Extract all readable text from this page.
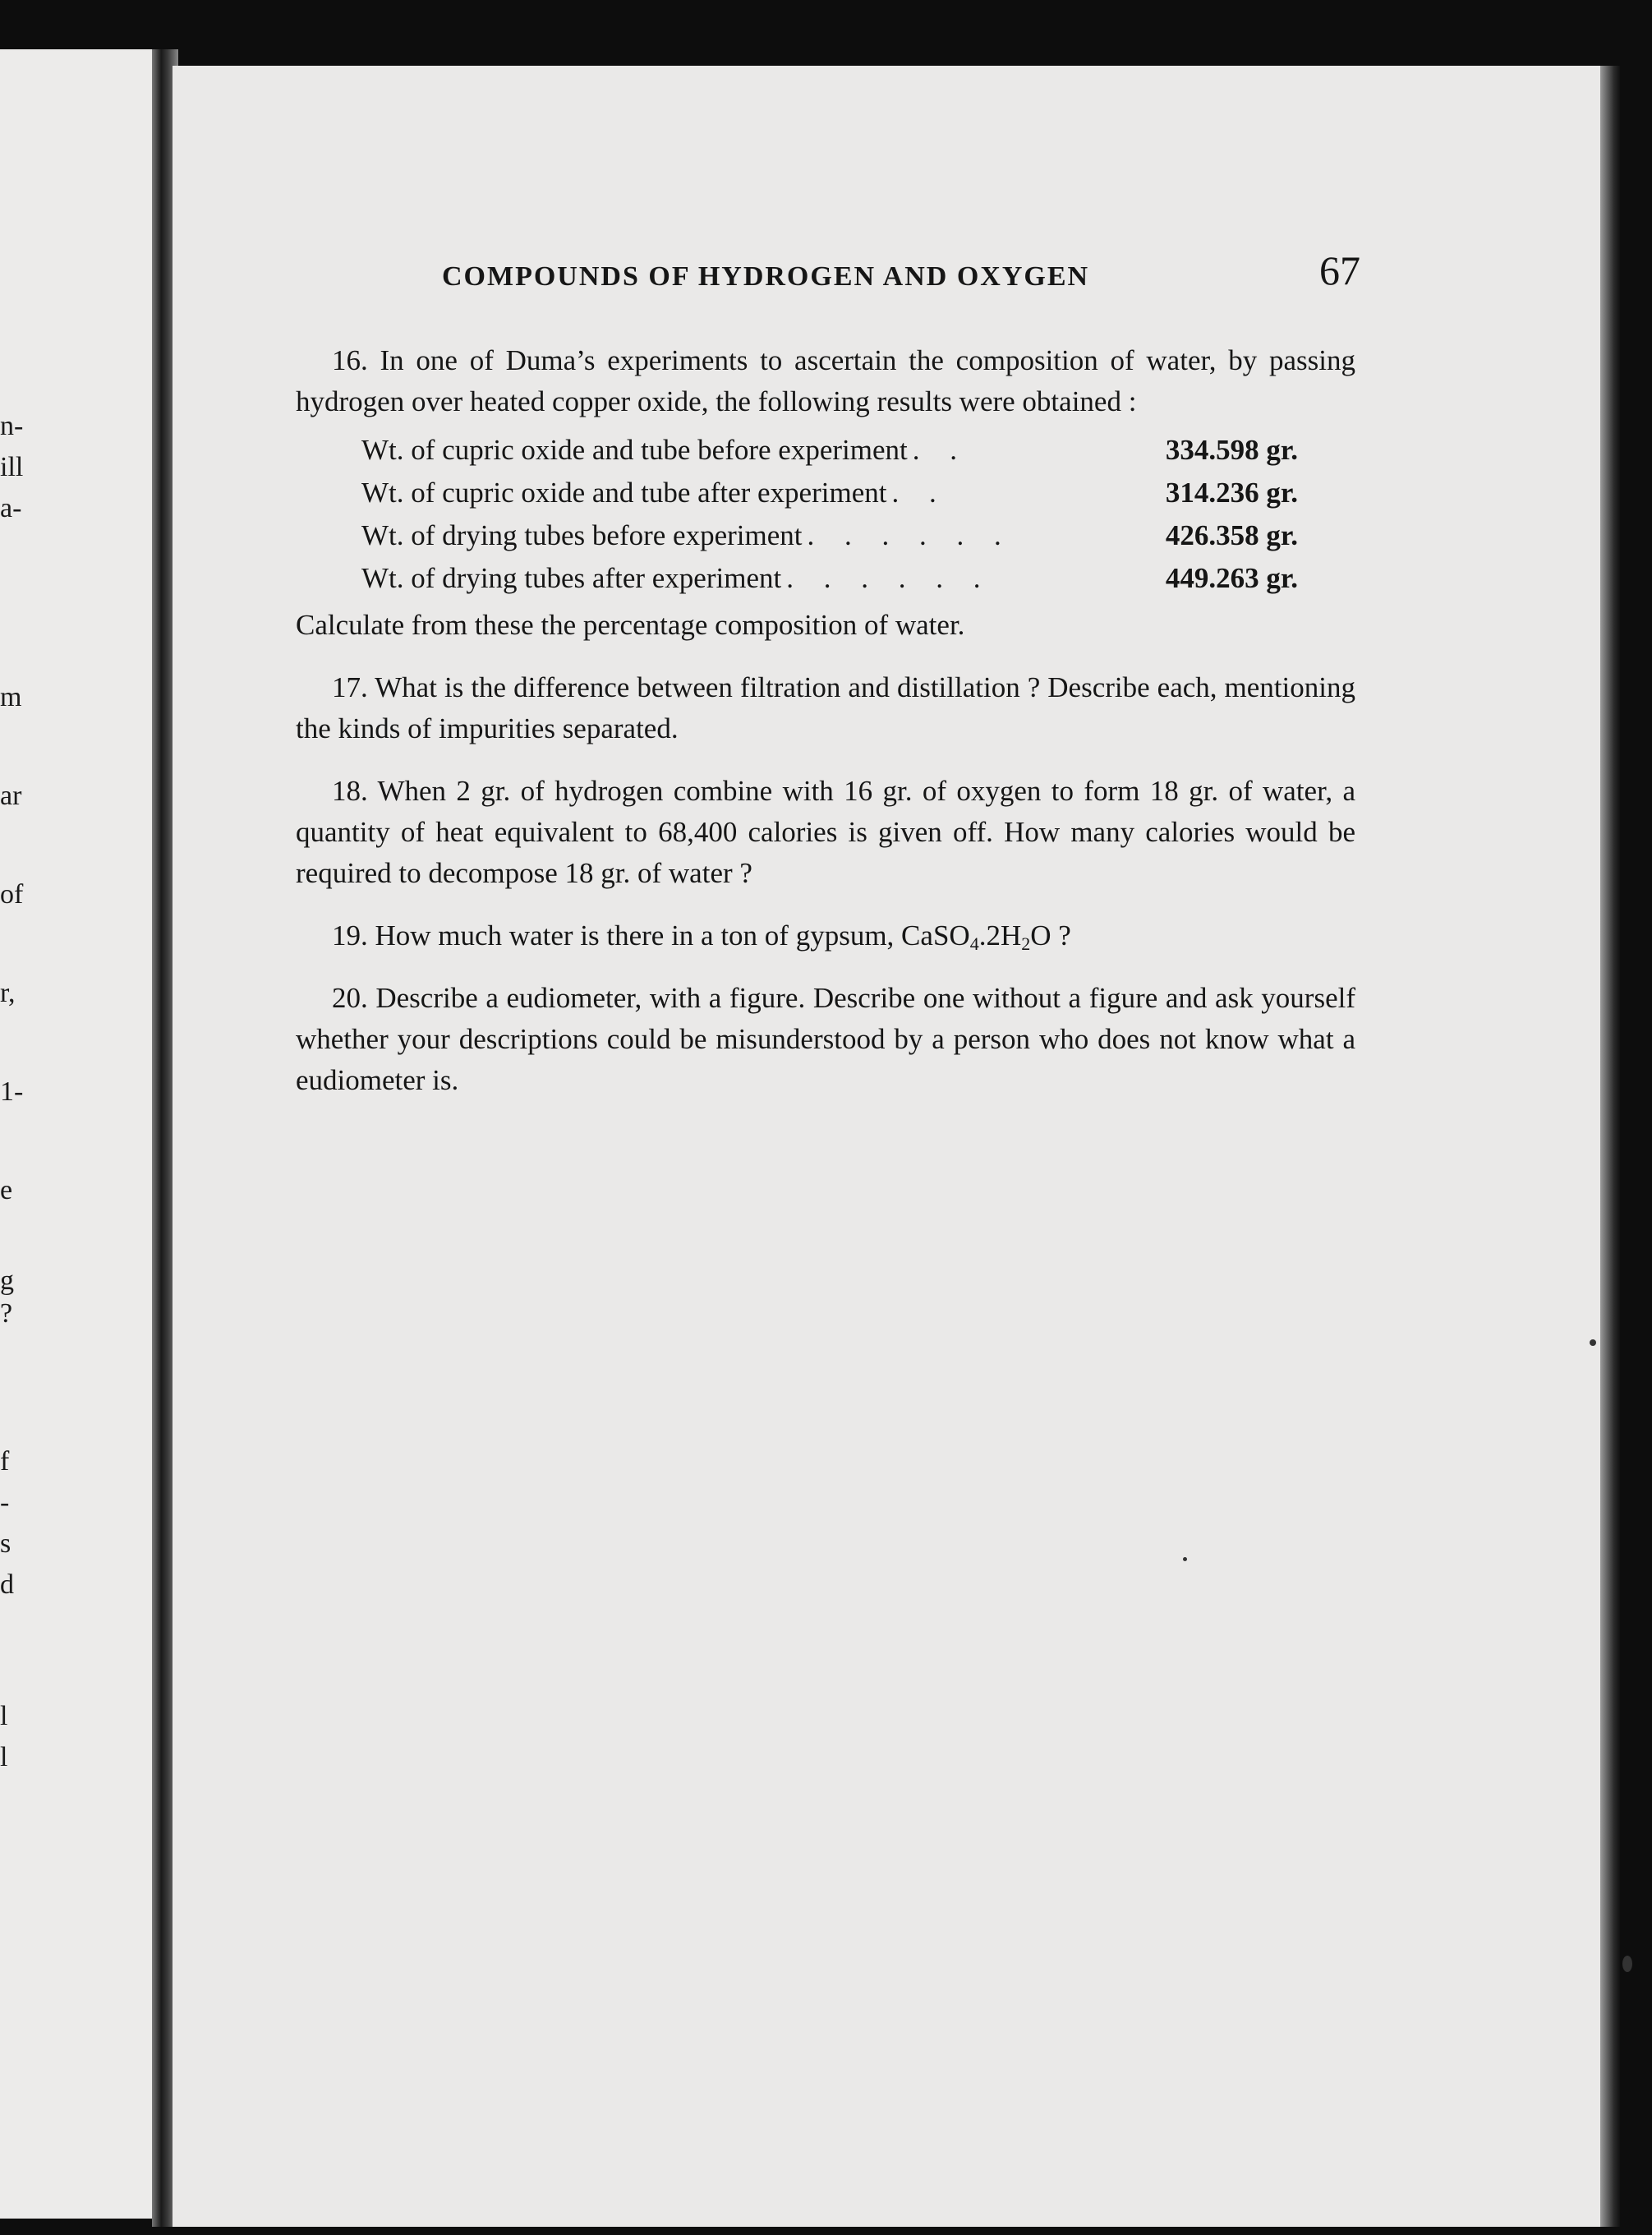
n-
ill
a-
m
ar
of
r,
1-
e
g
?
f
-
s
d
l
l
COMPOUNDS OF HYDROGEN AND OXYGEN	67

16. In one of Duma’s experiments to ascertain the composition of water, by passing hydrogen over heated copper oxide, the following results were obtained :

Wt. of cupric oxide and tube before experiment . .	334.598 gr.
Wt. of cupric oxide and tube after experiment . .	314.236 gr.
Wt. of drying tubes before experiment . . . . . .	426.358 gr.
Wt. of drying tubes after experiment . . . . . .	449.263 gr.

Calculate from these the percentage composition of water.

17. What is the difference between filtration and distillation ? Describe each, mentioning the kinds of impurities separated.

18. When 2 gr. of hydrogen combine with 16 gr. of oxygen to form 18 gr. of water, a quantity of heat equivalent to 68,400 calories is given off. How many calories would be required to decompose 18 gr. of water ?

19. How much water is there in a ton of gypsum, $CaSO_4.2H_2O$ ?

20. Describe a eudiometer, with a figure. Describe one without a figure and ask yourself whether your descriptions could be misunderstood by a person who does not know what a eudiometer is.
